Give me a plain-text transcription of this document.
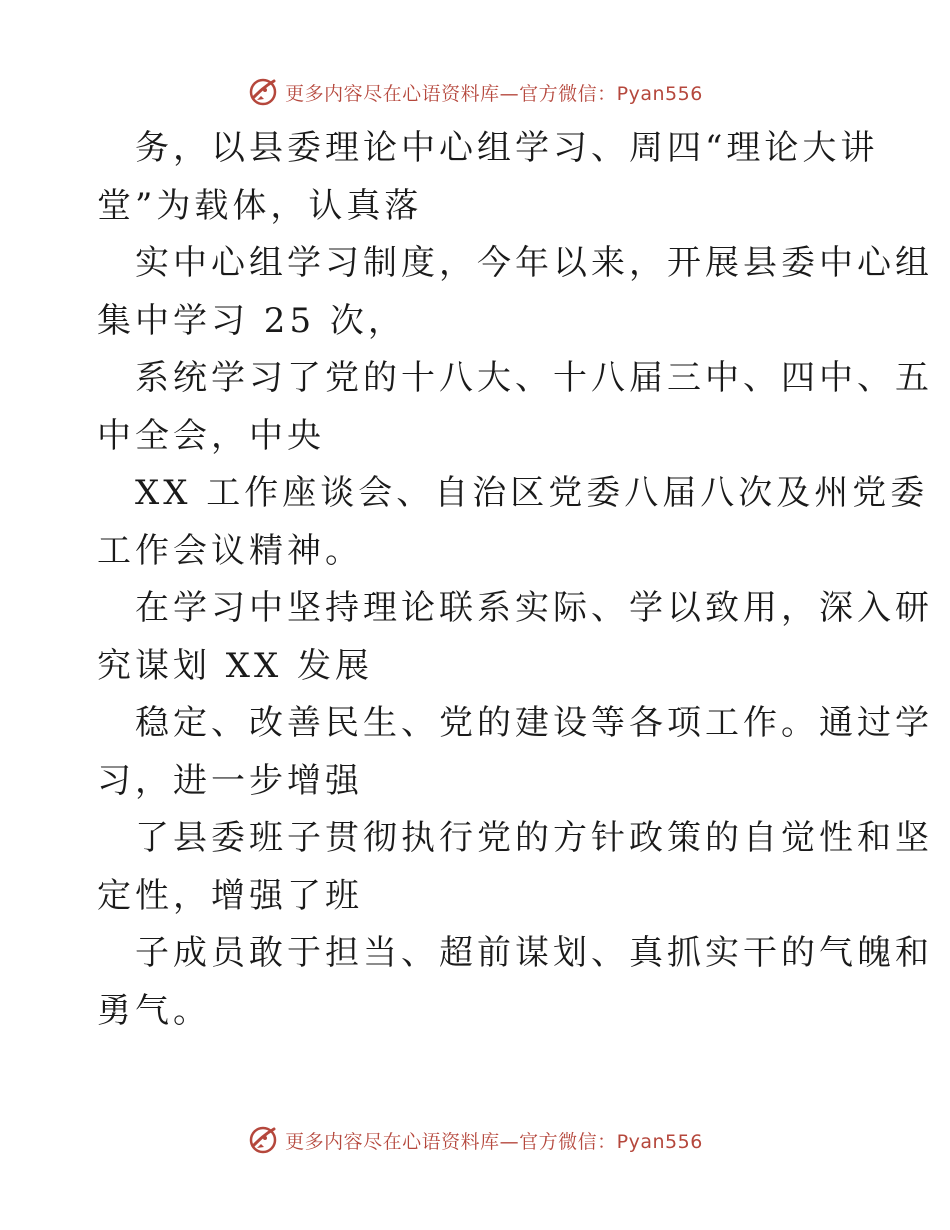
更多内容尽在心语资料库—官方微信：Pyan556
务，以县委理论中心组学习、周四“理论大讲
堂”为载体，认真落
实中心组学习制度，今年以来，开展县委中心组
集中学习 25 次，
系统学习了党的十八大、十八届三中、四中、五
中全会，中央
XX 工作座谈会、自治区党委八届八次及州党委
工作会议精神。
在学习中坚持理论联系实际、学以致用，深入研
究谋划 XX 发展
稳定、改善民生、党的建设等各项工作。通过学
习，进一步增强
了县委班子贯彻执行党的方针政策的自觉性和坚
定性，增强了班
子成员敢于担当、超前谋划、真抓实干的气魄和
勇气。
更多内容尽在心语资料库—官方微信：Pyan556
